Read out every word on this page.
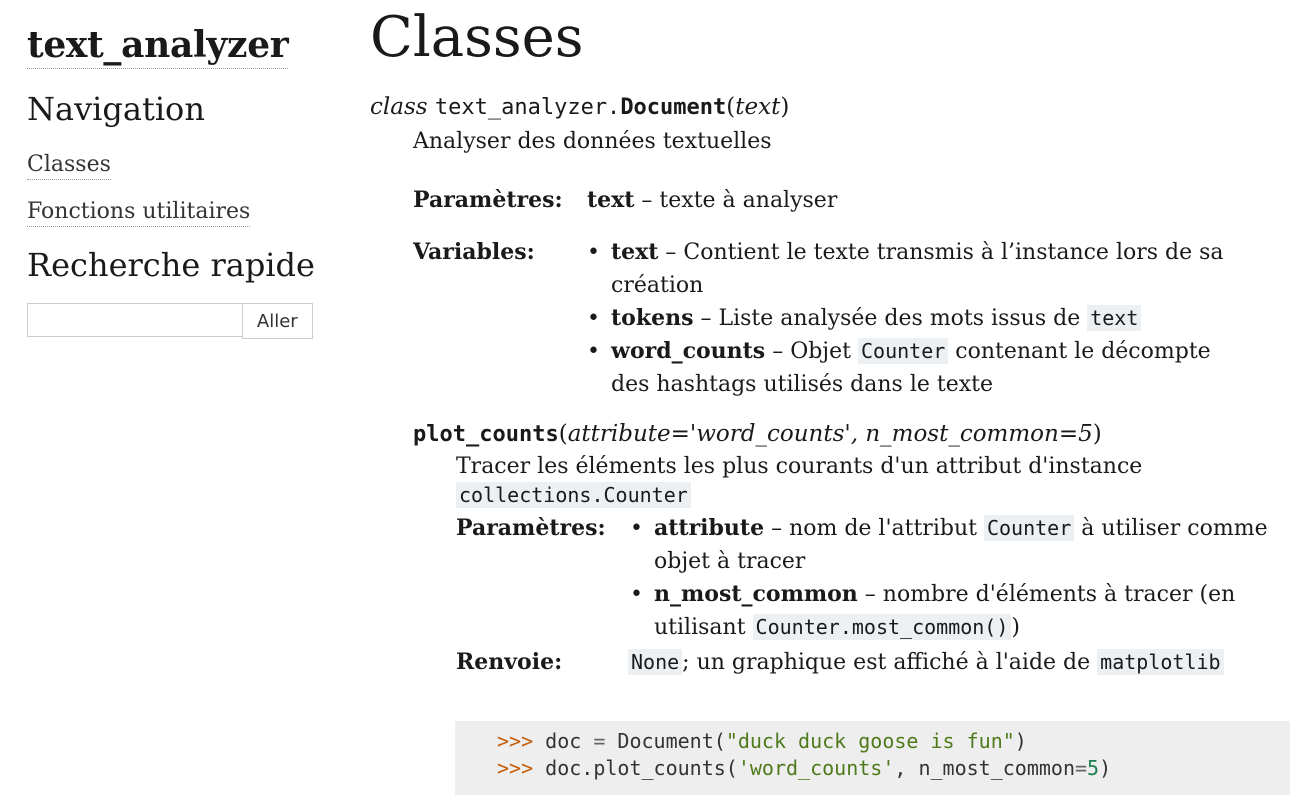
text_analyzer
Navigation
Classes
Fonctions utilitaires
Recherche rapide
Aller
Classes
class text_analyzer.Document(text)
Analyser des données textuelles
Paramètres:	text – texte à analyser
Variables:	• text – Contient le texte transmis à l’instance lors de sa création
• tokens – Liste analysée des mots issus de text
• word_counts – Objet Counter contenant le décompte des hashtags utilisés dans le texte
plot_counts(attribute='word_counts', n_most_common=5)
Tracer les éléments les plus courants d'un attribut d'instance
collections.Counter
Paramètres:	• attribute – nom de l'attribut Counter à utiliser comme objet à tracer
• n_most_common – nombre d'éléments à tracer (en utilisant Counter.most_common() )
Renvoie:	None ; un graphique est affiché à l'aide de matplotlib
>>> doc = Document("duck duck goose is fun")
>>> doc.plot_counts('word_counts', n_most_common=5)
